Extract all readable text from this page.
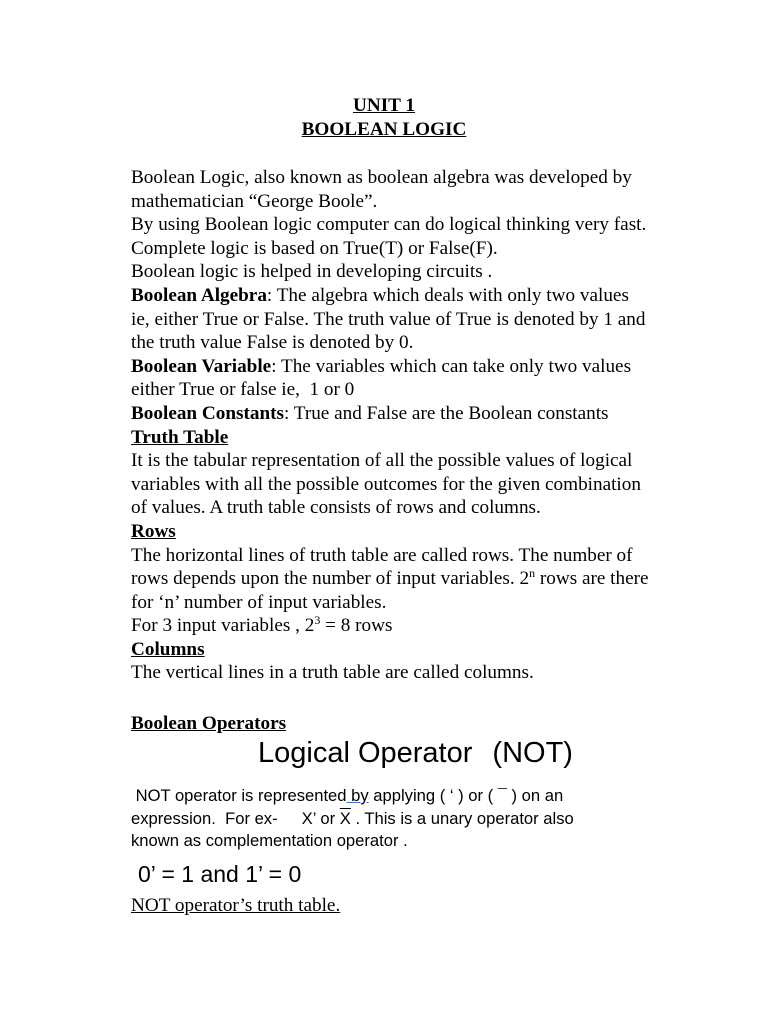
UNIT 1
BOOLEAN LOGIC

Boolean Logic, also known as boolean algebra was developed by

mathematician “George Boole”.

By using Boolean logic computer can do logical thinking very fast.

Complete logic is based on True(T) or False(F).

Boolean logic is helped in developing circuits .

Boolean Algebra: The algebra which deals with only two values

ie, either True or False. The truth value of True is denoted by 1 and

the truth value False is denoted by 0.

Boolean Variable: The variables which can take only two values

either True or false ie,  1 or 0

Boolean Constants: True and False are the Boolean constants

Truth Table

It is the tabular representation of all the possible values of logical

variables with all the possible outcomes for the given combination

of values. A truth table consists of rows and columns.

Rows

The horizontal lines of truth table are called rows. The number of

rows depends upon the number of input variables. 2$^n$ rows are there

for ‘n’ number of input variables.

For 3 input variables , $2^3 = 8$ rows

Columns

The vertical lines in a truth table are called columns.

Boolean Operators
Logical Operator (NOT)

NOT operator is represented by applying ( ‘ ) or ( ¯ ) on an

expression.  For ex- X’ or $\overline{X}$ . This is a unary operator also

known as complementation operator .

0’ = 1 and 1’ = 0
NOT operator’s truth table.
